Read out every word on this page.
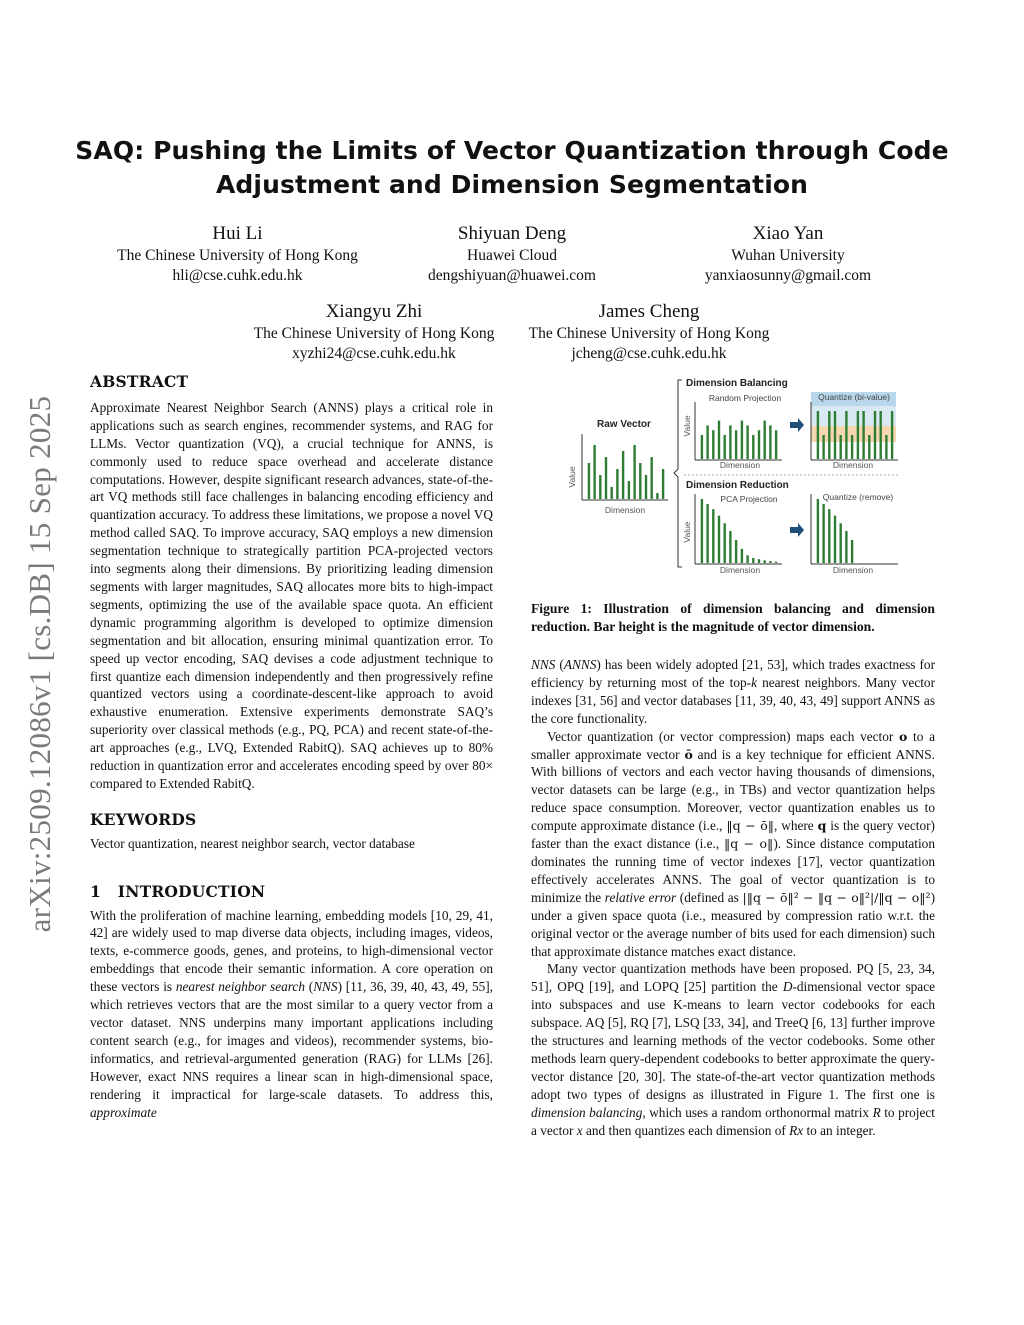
SAQ: Pushing the Limits of Vector Quantization through Code
Adjustment and Dimension Segmentation
Hui Li
The Chinese University of Hong Kong
hli@cse.cuhk.edu.hk
Shiyuan Deng
Huawei Cloud
dengshiyuan@huawei.com
Xiao Yan
Wuhan University
yanxiaosunny@gmail.com
Xiangyu Zhi
The Chinese University of Hong Kong
xyzhi24@cse.cuhk.edu.hk
James Cheng
The Chinese University of Hong Kong
jcheng@cse.cuhk.edu.hk
arXiv:2509.12086v1 [cs.DB] 15 Sep 2025
ABSTRACT

Approximate Nearest Neighbor Search (ANNS) plays a critical role in applications such as search engines, recommender systems, and RAG for LLMs. Vector quantization (VQ), a crucial technique for ANNS, is commonly used to reduce space overhead and accelerate distance computations. However, despite significant research advances, state-of-the-art VQ methods still face challenges in balancing encoding efficiency and quantization accuracy. To address these limitations, we propose a novel VQ method called SAQ. To improve accuracy, SAQ employs a new dimension segmentation technique to strategically partition PCA-projected vectors into segments along their dimensions. By prioritizing leading dimension segments with larger magnitudes, SAQ allocates more bits to high-impact segments, optimizing the use of the available space quota. An efficient dynamic programming algorithm is developed to optimize dimension segmentation and bit allocation, ensuring minimal quantization error. To speed up vector encoding, SAQ devises a code adjustment technique to first quantize each dimension independently and then progressively refine quantized vectors using a coordinate-descent-like approach to avoid exhaustive enumeration. Extensive experiments demonstrate SAQ’s superiority over classical methods (e.g., PQ, PCA) and recent state-of-the-art approaches (e.g., LVQ, Extended RabitQ). SAQ achieves up to 80% reduction in quantization error and accelerates encoding speed by over 80× compared to Extended RabitQ.

KEYWORDS

Vector quantization, nearest neighbor search, vector database

1 INTRODUCTION

With the proliferation of machine learning, embedding models [10, 29, 41, 42] are widely used to map diverse data objects, including images, videos, texts, e-commerce goods, genes, and proteins, to high-dimensional vector embeddings that encode their semantic information. A core operation on these vectors is nearest neighbor search (NNS) [11, 36, 39, 40, 43, 49, 55], which retrieves vectors that are the most similar to a query vector from a vector dataset. NNS underpins many important applications including content search (e.g., for images and videos), recommender systems, bio-informatics, and retrieval-argumented generation (RAG) for LLMs [26]. However, exact NNS requires a linear scan in high-dimensional space, rendering it impractical for large-scale datasets. To address this, approximate

Raw Vector
Value
Dimension
Dimension Balancing
Random Projection
Value
Dimension
Quantize (bi-value)
Dimension
Dimension Reduction
PCA Projection
Value
Dimension
Quantize (remove)
Dimension

Figure 1: Illustration of dimension balancing and dimension reduction. Bar height is the magnitude of vector dimension.

NNS (ANNS) has been widely adopted [21, 53], which trades exactness for efficiency by returning most of the top-k nearest neighbors. Many vector indexes [31, 56] and vector databases [11, 39, 40, 43, 49] support ANNS as the core functionality.

Vector quantization (or vector compression) maps each vector o to a smaller approximate vector ō and is a key technique for efficient ANNS. With billions of vectors and each vector having thousands of dimensions, vector datasets can be large (e.g., in TBs) and vector quantization helps reduce space consumption. Moreover, vector quantization enables us to compute approximate distance (i.e., ‖q − ō‖, where q is the query vector) faster than the exact distance (i.e., ‖q − o‖). Since distance computation dominates the running time of vector indexes [17], vector quantization effectively accelerates ANNS. The goal of vector quantization is to minimize the relative error (defined as |‖q − ō‖² − ‖q − o‖²|/‖q − o‖²) under a given space quota (i.e., measured by compression ratio w.r.t. the original vector or the average number of bits used for each dimension) such that approximate distance matches exact distance.

Many vector quantization methods have been proposed. PQ [5, 23, 34, 51], OPQ [19], and LOPQ [25] partition the D-dimensional vector space into subspaces and use K-means to learn vector codebooks for each subspace. AQ [5], RQ [7], LSQ [33, 34], and TreeQ [6, 13] further improve the structures and learning methods of the vector codebooks. Some other methods learn query-dependent codebooks to better approximate the query-vector distance [20, 30]. The state-of-the-art vector quantization methods adopt two types of designs as illustrated in Figure 1. The first one is dimension balancing, which uses a random orthonormal matrix R to project a vector x and then quantizes each dimension of Rx to an integer.
